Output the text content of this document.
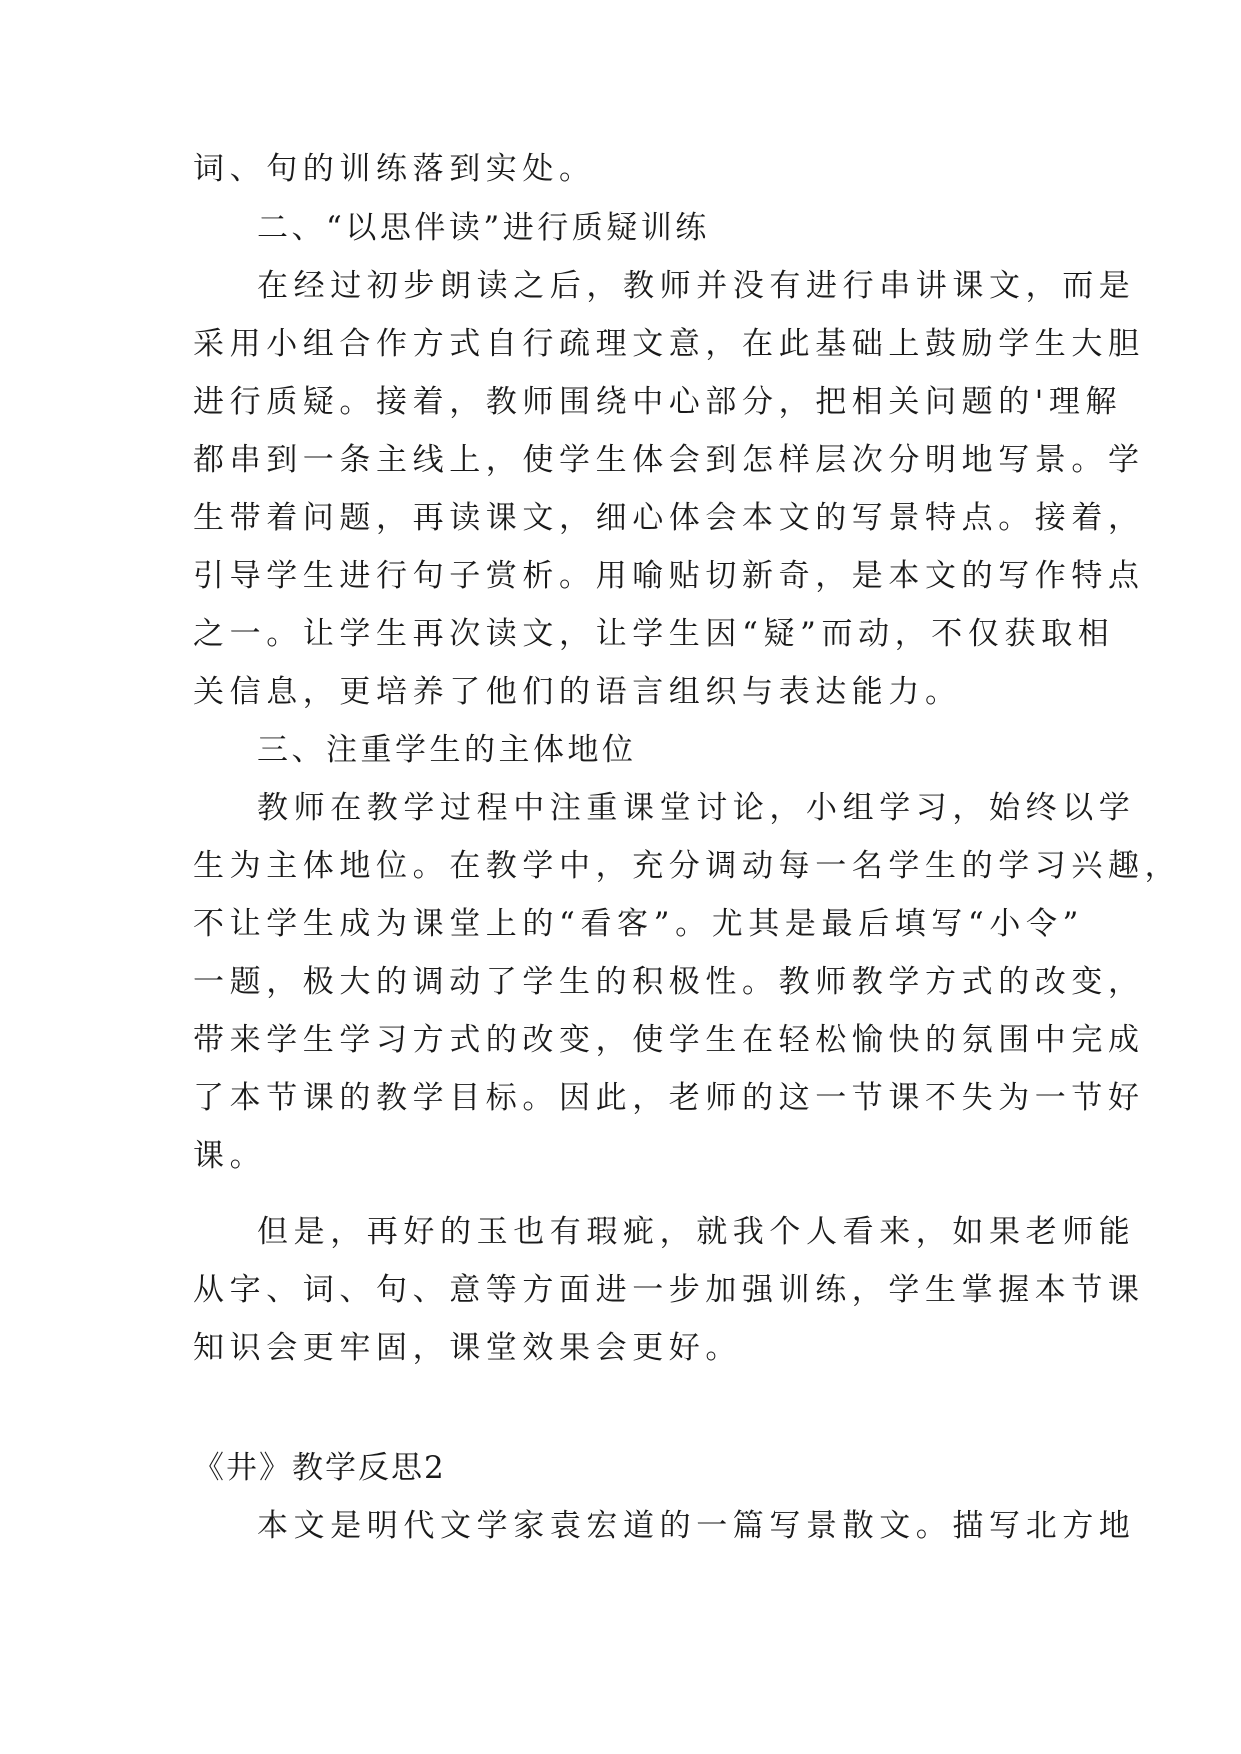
词、句的训练落到实处。
二、“以思伴读”进行质疑训练
在经过初步朗读之后，教师并没有进行串讲课文，而是
采用小组合作方式自行疏理文意，在此基础上鼓励学生大胆
进行质疑。接着，教师围绕中心部分，把相关问题的'理解
都串到一条主线上，使学生体会到怎样层次分明地写景。学
生带着问题，再读课文，细心体会本文的写景特点。接着，
引导学生进行句子赏析。用喻贴切新奇，是本文的写作特点
之一。让学生再次读文，让学生因“疑”而动，不仅获取相
关信息，更培养了他们的语言组织与表达能力。
三、注重学生的主体地位
教师在教学过程中注重课堂讨论，小组学习，始终以学
生为主体地位。在教学中，充分调动每一名学生的学习兴趣，
不让学生成为课堂上的“看客”。尤其是最后填写“小令”
一题，极大的调动了学生的积极性。教师教学方式的改变，
带来学生学习方式的改变，使学生在轻松愉快的氛围中完成
了本节课的教学目标。因此，老师的这一节课不失为一节好
课。
但是，再好的玉也有瑕疵，就我个人看来，如果老师能
从字、词、句、意等方面进一步加强训练，学生掌握本节课
知识会更牢固，课堂效果会更好。
《井》教学反思2
本文是明代文学家袁宏道的一篇写景散文。描写北方地
